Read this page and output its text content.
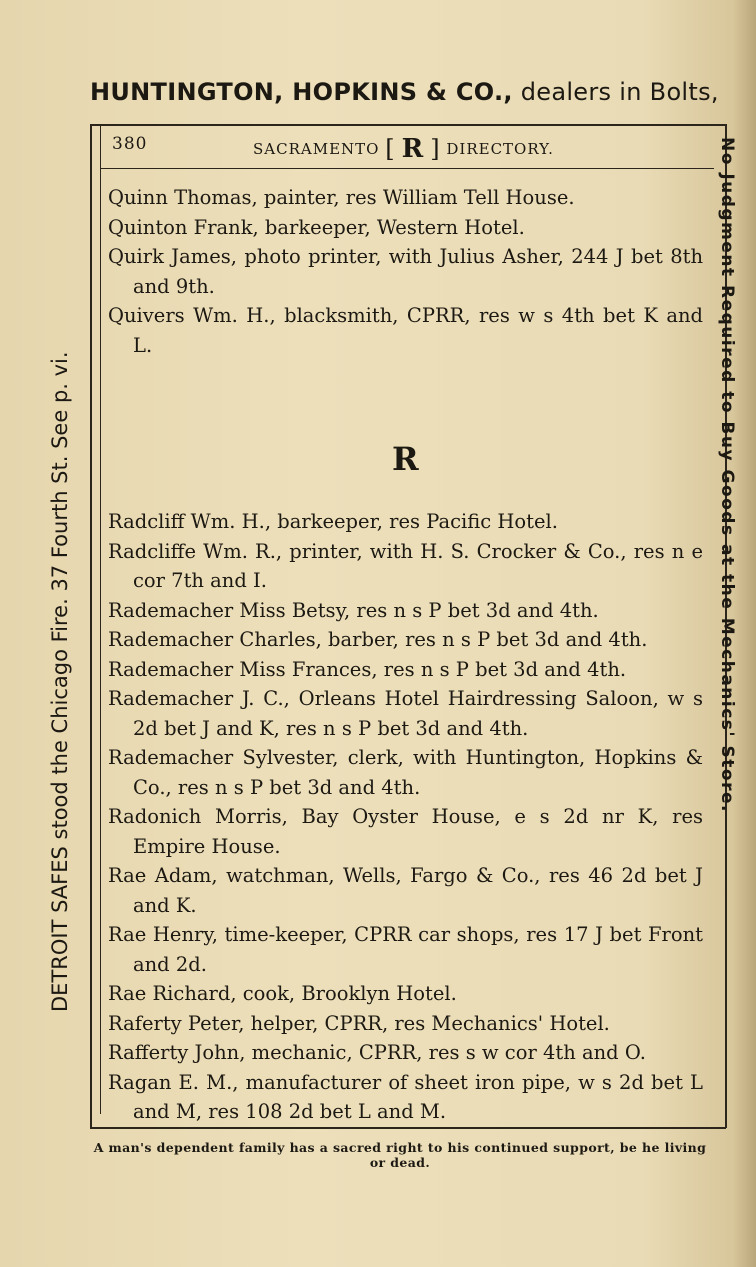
HUNTINGTON, HOPKINS & CO., dealers in Bolts,
DETROIT SAFES stood the Chicago Fire. 37 Fourth St. See p. vi.	No Judgment Required to Buy Goods at the Mechanics' Store.
380	SACRAMENTO [ R ] DIRECTORY.
Quinn Thomas, painter, res William Tell House.
Quinton Frank, barkeeper, Western Hotel.
Quirk James, photo printer, with Julius Asher, 244 J bet 8th and 9th.
Quivers Wm. H., blacksmith, CPRR, res w s 4th bet K and L.
R
Radcliff Wm. H., barkeeper, res Pacific Hotel.
Radcliffe Wm. R., printer, with H. S. Crocker & Co., res n e cor 7th and I.
Rademacher Miss Betsy, res n s P bet 3d and 4th.
Rademacher Charles, barber, res n s P bet 3d and 4th.
Rademacher Miss Frances, res n s P bet 3d and 4th.
Rademacher J. C., Orleans Hotel Hairdressing Saloon, w s 2d bet J and K, res n s P bet 3d and 4th.
Rademacher Sylvester, clerk, with Huntington, Hopkins & Co., res n s P bet 3d and 4th.
Radonich Morris, Bay Oyster House, e s 2d nr K, res Empire House.
Rae Adam, watchman, Wells, Fargo & Co., res 46 2d bet J and K.
Rae Henry, time-keeper, CPRR car shops, res 17 J bet Front and 2d.
Rae Richard, cook, Brooklyn Hotel.
Raferty Peter, helper, CPRR, res Mechanics' Hotel.
Rafferty John, mechanic, CPRR, res s w cor 4th and O.
Ragan E. M., manufacturer of sheet iron pipe, w s 2d bet L and M, res 108 2d bet L and M.
A man's dependent family has a sacred right to his continued support, be he living or dead.
